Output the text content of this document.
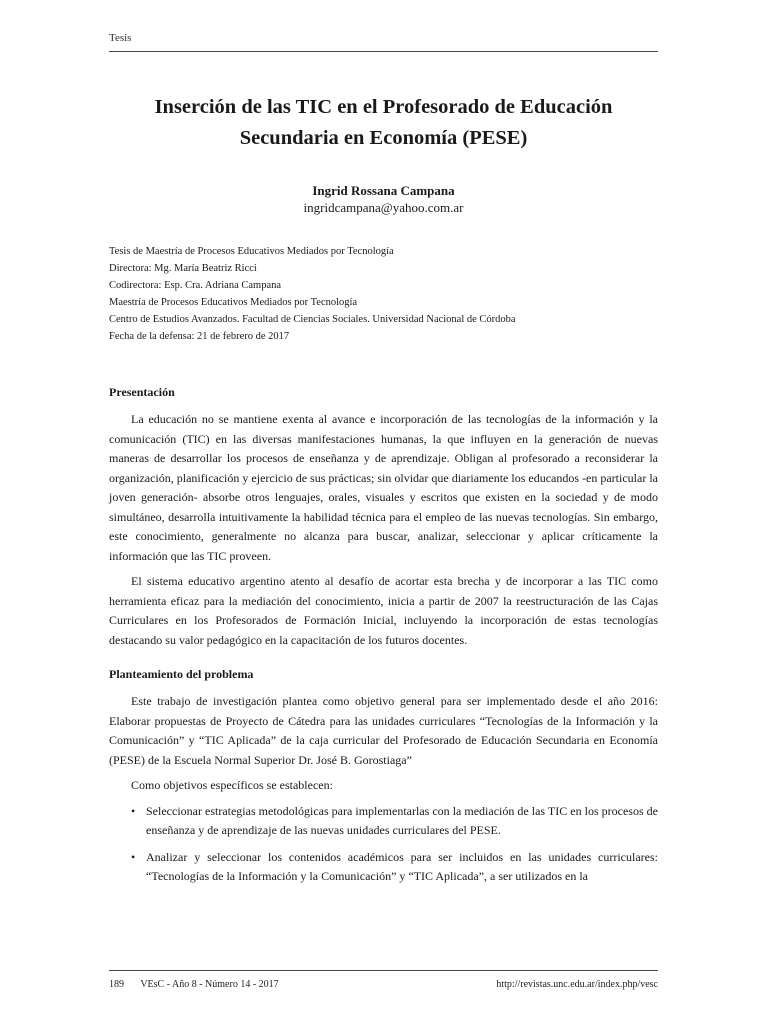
Tesis
Inserción de las TIC en el Profesorado de Educación Secundaria en Economía (PESE)
Ingrid Rossana Campana
ingridcampana@yahoo.com.ar
Tesis de Maestría de Procesos Educativos Mediados por Tecnología
Directora: Mg. María Beatriz Ricci
Codirectora: Esp. Cra. Adriana Campana
Maestría de Procesos Educativos Mediados por Tecnología
Centro de Estudios Avanzados. Facultad de Ciencias Sociales. Universidad Nacional de Córdoba
Fecha de la defensa: 21 de febrero de 2017
Presentación

La educación no se mantiene exenta al avance e incorporación de las tecnologías de la información y la comunicación (TIC) en las diversas manifestaciones humanas, la que influyen en la generación de nuevas maneras de desarrollar los procesos de enseñanza y de aprendizaje. Obligan al profesorado a reconsiderar la organización, planificación y ejercicio de sus prácticas; sin olvidar que diariamente los educandos -en particular la joven generación- absorbe otros lenguajes, orales, visuales y escritos que existen en la sociedad y de modo simultáneo, desarrolla intuitivamente la habilidad técnica para el empleo de las nuevas tecnologías. Sin embargo, este conocimiento, generalmente no alcanza para buscar, analizar, seleccionar y aplicar críticamente la información que las TIC proveen.

El sistema educativo argentino atento al desafío de acortar esta brecha y de incorporar a las TIC como herramienta eficaz para la mediación del conocimiento, inicia a partir de 2007 la reestructuración de las Cajas Curriculares en los Profesorados de Formación Inicial, incluyendo la incorporación de estas tecnologías destacando su valor pedagógico en la capacitación de los futuros docentes.

Planteamiento del problema

Este trabajo de investigación plantea como objetivo general para ser implementado desde el año 2016: Elaborar propuestas de Proyecto de Cátedra para las unidades curriculares “Tecnologías de la Información y la Comunicación” y “TIC Aplicada” de la caja curricular del Profesorado de Educación Secundaria en Economía (PESE) de la Escuela Normal Superior Dr. José B. Gorostiaga”

Como objetivos específicos se establecen:

• Seleccionar estrategias metodológicas para implementarlas con la mediación de las TIC en los procesos de enseñanza y de aprendizaje de las nuevas unidades curriculares del PESE.
• Analizar y seleccionar los contenidos académicos para ser incluidos en las unidades curriculares: “Tecnologías de la Información y la Comunicación” y “TIC Aplicada”, a ser utilizados en la
189 VEsC - Año 8 - Número 14 - 2017	http://revistas.unc.edu.ar/index.php/vesc
